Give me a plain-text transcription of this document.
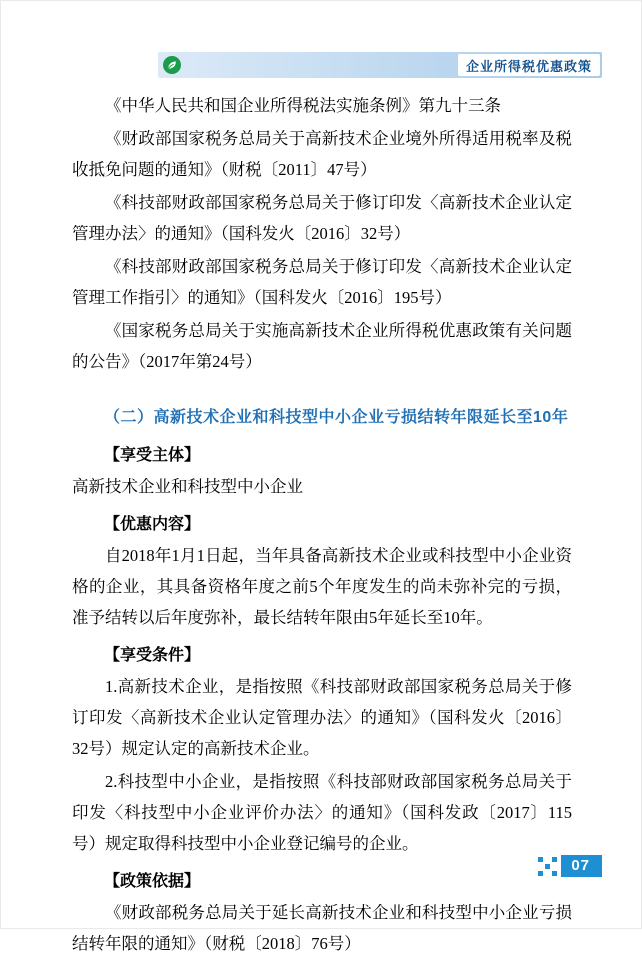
企业所得税优惠政策

《中华人民共和国企业所得税法实施条例》第九十三条

《财政部国家税务总局关于高新技术企业境外所得适用税率及税收抵免问题的通知》（财税〔2011〕47号）

《科技部财政部国家税务总局关于修订印发〈高新技术企业认定管理办法〉的通知》（国科发火〔2016〕32号）

《科技部财政部国家税务总局关于修订印发〈高新技术企业认定管理工作指引〉的通知》（国科发火〔2016〕195号）

《国家税务总局关于实施高新技术企业所得税优惠政策有关问题的公告》（2017年第24号）

（二）高新技术企业和科技型中小企业亏损结转年限延长至10年

【享受主体】

高新技术企业和科技型中小企业

【优惠内容】

自2018年1月1日起，当年具备高新技术企业或科技型中小企业资格的企业，其具备资格年度之前5个年度发生的尚未弥补完的亏损，准予结转以后年度弥补，最长结转年限由5年延长至10年。

【享受条件】

1.高新技术企业，是指按照《科技部财政部国家税务总局关于修订印发〈高新技术企业认定管理办法〉的通知》（国科发火〔2016〕32号）规定认定的高新技术企业。

2.科技型中小企业，是指按照《科技部财政部国家税务总局关于印发〈科技型中小企业评价办法〉的通知》（国科发政〔2017〕115号）规定取得科技型中小企业登记编号的企业。

【政策依据】

《财政部税务总局关于延长高新技术企业和科技型中小企业亏损结转年限的通知》（财税〔2018〕76号）

07
